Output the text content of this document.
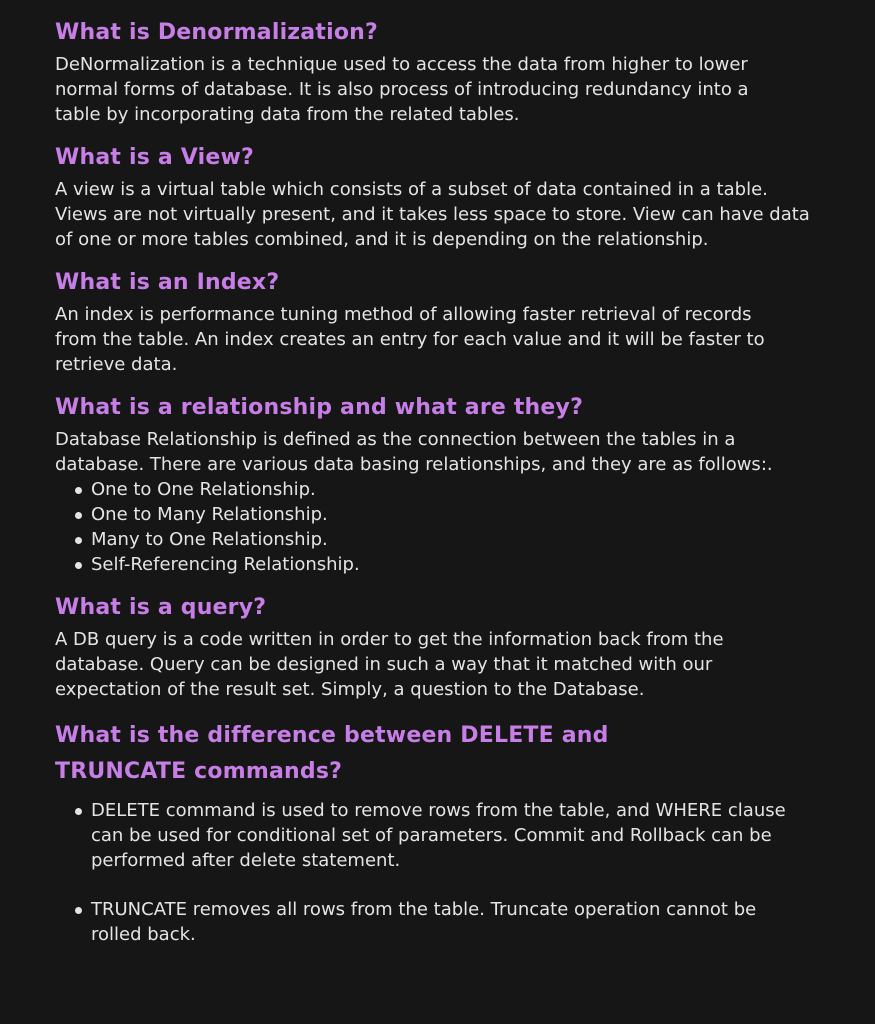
What is Denormalization?

DeNormalization is a technique used to access the data from higher to lower normal forms of database. It is also process of introducing redundancy into a table by incorporating data from the related tables.

What is a View?

A view is a virtual table which consists of a subset of data contained in a table. Views are not virtually present, and it takes less space to store. View can have data of one or more tables combined, and it is depending on the relationship.

What is an Index?

An index is performance tuning method of allowing faster retrieval of records from the table. An index creates an entry for each value and it will be faster to retrieve data.

What is a relationship and what are they?

Database Relationship is defined as the connection between the tables in a database. There are various data basing relationships, and they are as follows:.

One to One Relationship.
One to Many Relationship.
Many to One Relationship.
Self-Referencing Relationship.
What is a query?

A DB query is a code written in order to get the information back from the database. Query can be designed in such a way that it matched with our expectation of the result set. Simply, a question to the Database.

What is the difference between DELETE and TRUNCATE commands?
DELETE command is used to remove rows from the table, and WHERE clause can be used for conditional set of parameters. Commit and Rollback can be performed after delete statement.
TRUNCATE removes all rows from the table. Truncate operation cannot be rolled back.
